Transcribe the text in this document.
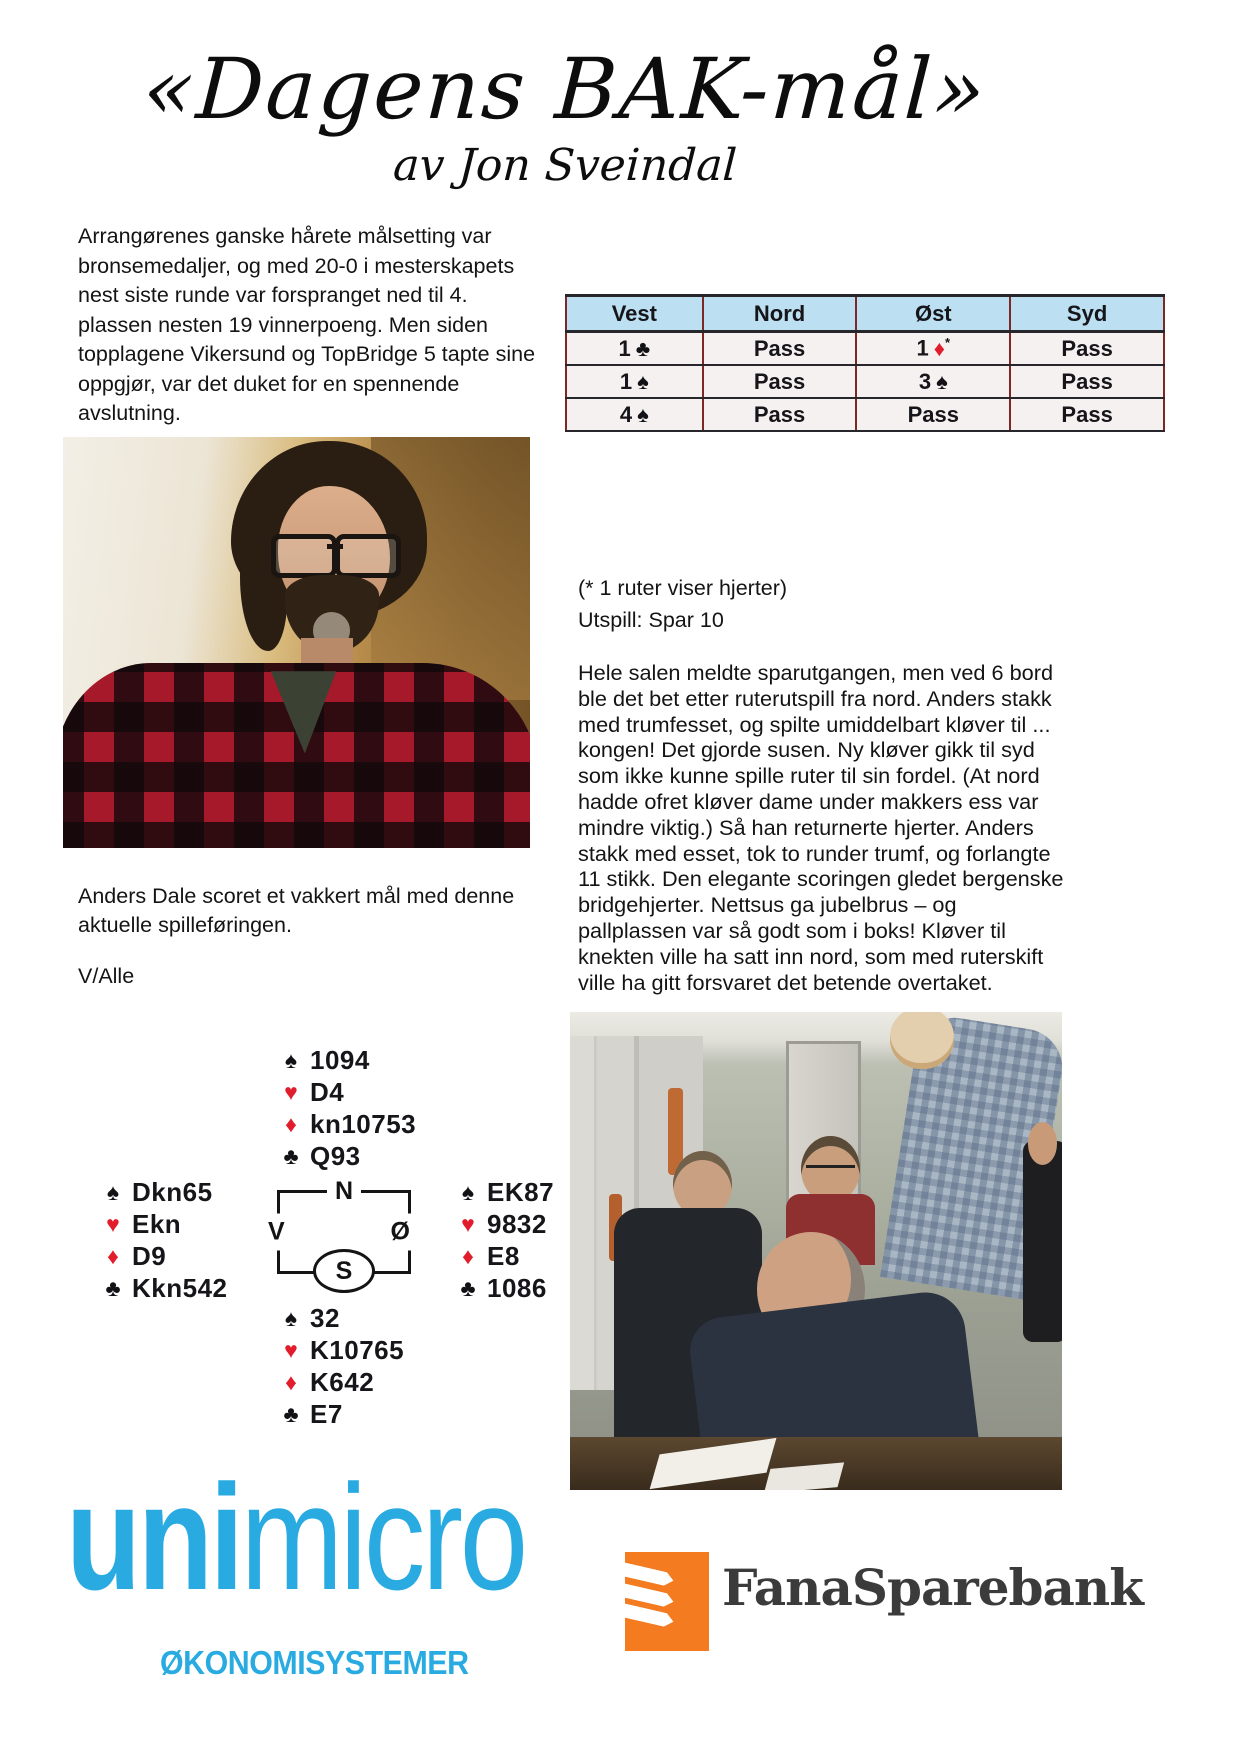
«Dagens BAK-mål»
av Jon Sveindal

Arrangørenes ganske hårete målsetting var bronsemedaljer, og med 20-0 i mesterskapets nest siste runde var forspranget ned til 4. plassen nesten 19 vinnerpoeng. Men siden topplagene Vikersund og TopBridge 5 tapte sine oppgjør, var det duket for en spennende avslutning.

Vest	Nord	Øst	Syd
1 ♣	Pass	1 ♦*	Pass
1 ♠	Pass	3 ♠	Pass
4 ♠	Pass	Pass	Pass

Anders Dale scoret et vakkert mål med denne aktuelle spilleføringen.

V/Alle
♠ 1094
♥ D4
♦ kn10753
♣ Q93
♠ Dkn65
♥ Ekn
♦ D9
♣ Kkn542
♠ EK87
♥ 9832
♦ E8
♣ 1086
♠ 32
♥ K10765
♦ K642
♣ E7
N
V	Ø
S
(* 1 ruter viser hjerter)
Utspill: Spar 10

Hele salen meldte sparutgangen, men ved 6 bord ble det bet etter ruterutspill fra nord. Anders stakk med trumfesset, og spilte umiddelbart kløver til ... kongen! Det gjorde susen. Ny kløver gikk til syd som ikke kunne spille ruter til sin fordel. (At nord hadde ofret kløver dame under makkers ess var mindre viktig.) Så han returnerte hjerter. Anders stakk med esset, tok to runder trumf, og forlangte 11 stikk. Den elegante scoringen gledet bergenske bridgehjerter. Nettsus ga jubelbrus – og pallplassen var så godt som i boks! Kløver til knekten ville ha satt inn nord, som med ruterskift ville ha gitt forsvaret det betende overtaket.

unimicro
ØKONOMISYSTEMER
FanaSparebank
